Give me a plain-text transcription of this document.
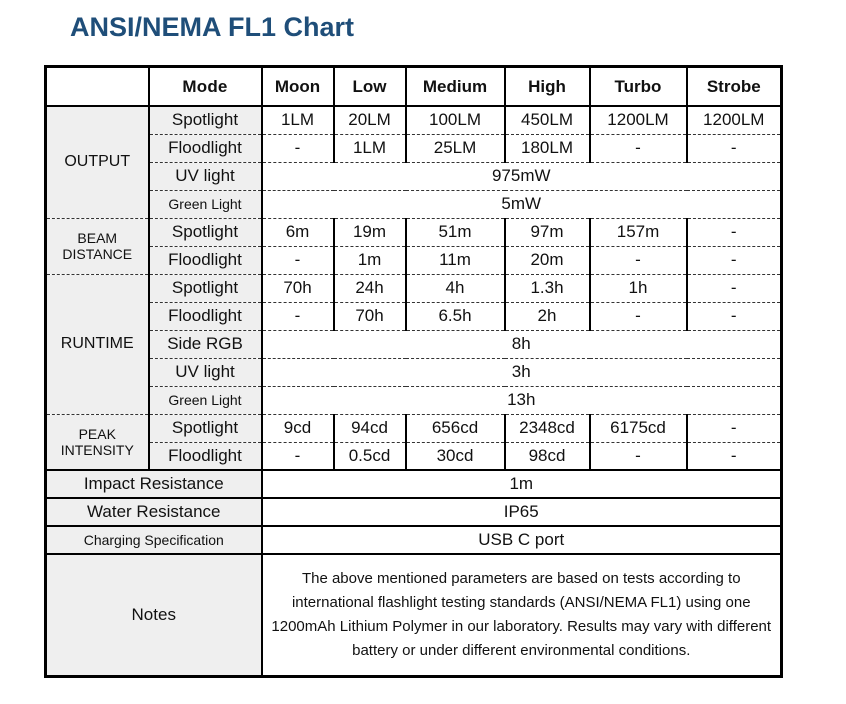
ANSI/NEMA FL1 Chart
	Mode	Moon	Low	Medium	High	Turbo	Strobe
OUTPUT	Spotlight	1LM	20LM	100LM	450LM	1200LM	1200LM
	Floodlight	-	1LM	25LM	180LM	-	-
	UV light	975mW					
	Green Light	5mW					
BEAM DISTANCE	Spotlight	6m	19m	51m	97m	157m	-
	Floodlight	-	1m	11m	20m	-	-
RUNTIME	Spotlight	70h	24h	4h	1.3h	1h	-
	Floodlight	-	70h	6.5h	2h	-	-
	Side RGB	8h					
	UV light	3h					
	Green Light	13h					
PEAK INTENSITY	Spotlight	9cd	94cd	656cd	2348cd	6175cd	-
	Floodlight	-	0.5cd	30cd	98cd	-	-
Impact Resistance		1m					
Water Resistance		IP65					
Charging Specification		USB C port					
Notes		The above mentioned parameters are based on tests according to international flashlight testing standards (ANSI/NEMA FL1) using one 1200mAh Lithium Polymer in our laboratory. Results may vary with different battery or under different environmental conditions.					
